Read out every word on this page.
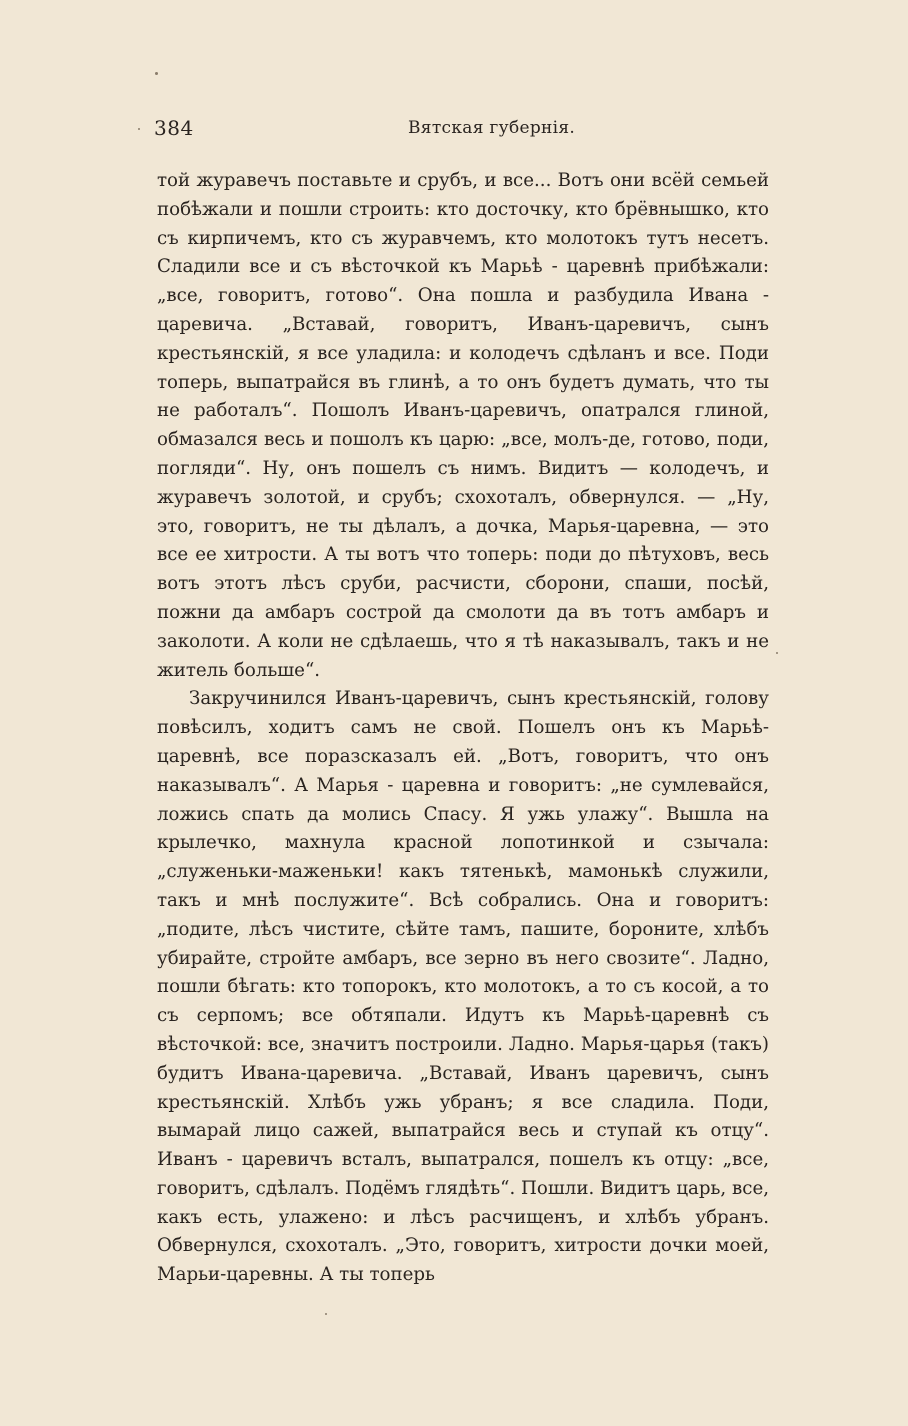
384	Вятская губернія.

той журавечъ поставьте и срубъ, и все... Вотъ они всёй семьей побѣжали и пошли строить: кто досточку, кто брёвнышко, кто съ кирпичемъ, кто съ журавчемъ, кто молотокъ тутъ несетъ. Сладили все и съ вѣсточкой къ Марьѣ - царевнѣ прибѣжали: „все, говоритъ, готово“. Она пошла и разбудила Ивана - царевича. „Вставай, говоритъ, Иванъ-царевичъ, сынъ крестьянскій, я все уладила: и колодечъ сдѣланъ и все. Поди топерь, выпатрайся въ глинѣ, а то онъ будетъ думать, что ты не работалъ“. Пошолъ Иванъ-царевичъ, опатрался глиной, обмазался весь и пошолъ къ царю: „все, молъ-де, готово, поди, погляди“. Ну, онъ пошелъ съ нимъ. Видитъ — колодечъ, и журавечъ золотой, и срубъ; схохоталъ, обвернулся. — „Ну, это, говоритъ, не ты дѣлалъ, а дочка, Марья-царевна, — это все ее хитрости. А ты вотъ что топерь: поди до пѣтуховъ, весь вотъ этотъ лѣсъ сруби, расчисти, сборони, спаши, посѣй, пожни да амбаръ сострой да смолоти да въ тотъ амбаръ и заколоти. А коли не сдѣлаешь, что я тѣ наказывалъ, такъ и не житель больше“.

Закручинился Иванъ-царевичъ, сынъ крестьянскій, голову повѣсилъ, ходитъ самъ не свой. Пошелъ онъ къ Марьѣ-царевнѣ, все поразсказалъ ей. „Вотъ, говоритъ, что онъ наказывалъ“. А Марья - царевна и говоритъ: „не сумлевайся, ложись спать да молись Спасу. Я ужь улажу“. Вышла на крылечко, махнула красной лопотинкой и сзычала: „служеньки-маженьки! какъ тятенькѣ, мамонькѣ служили, такъ и мнѣ послужите“. Всѣ собрались. Она и говоритъ: „подите, лѣсъ чистите, сѣйте тамъ, пашите, бороните, хлѣбъ убирайте, стройте амбаръ, все зерно въ него свозите“. Ладно, пошли бѣгать: кто топорокъ, кто молотокъ, а то съ косой, а то съ серпомъ; все обтяпали. Идутъ къ Марьѣ-царевнѣ съ вѣсточкой: все, значитъ построили. Ладно. Марья-царья (такъ) будитъ Ивана-царевича. „Вставай, Иванъ царевичъ, сынъ крестьянскій. Хлѣбъ ужь убранъ; я все сладила. Поди, вымарай лицо сажей, выпатрайся весь и ступай къ отцу“. Иванъ - царевичъ всталъ, выпатрался, пошелъ къ отцу: „все, говоритъ, сдѣлалъ. Подёмъ глядѣть“. Пошли. Видитъ царь, все, какъ есть, улажено: и лѣсъ расчищенъ, и хлѣбъ убранъ. Обвернулся, схохоталъ. „Это, говоритъ, хитрости дочки моей, Марьи-царевны. А ты топерь
